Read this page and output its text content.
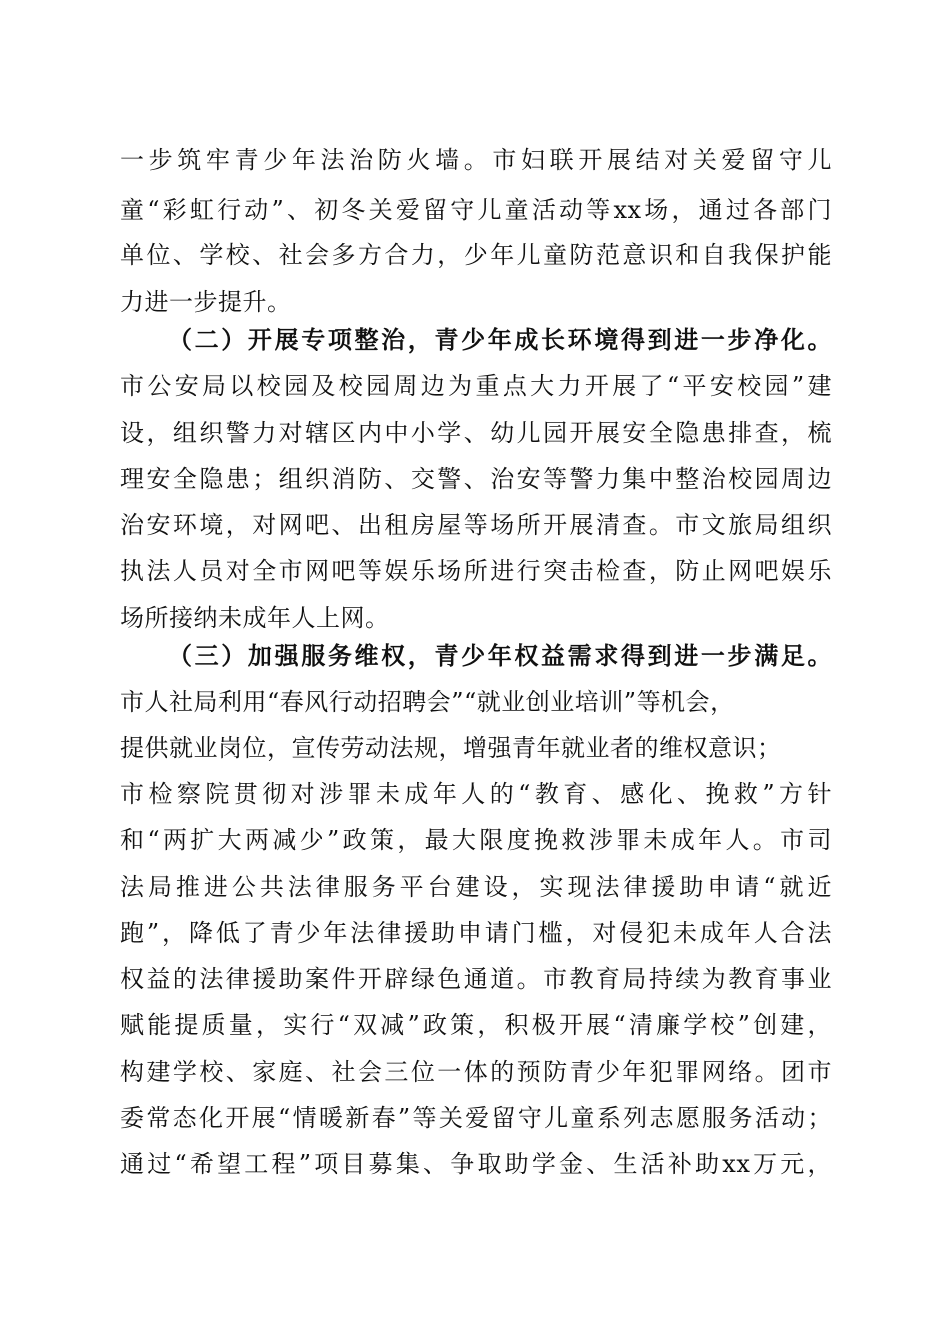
一步筑牢青少年法治防火墙。市妇联开展结对关爱留守儿
童“彩虹行动”、初冬关爱留守儿童活动等xx场，通过各部门
单位、学校、社会多方合力，少年儿童防范意识和自我保护能
力进一步提升。
（二）开展专项整治，青少年成长环境得到进一步净化。
市公安局以校园及校园周边为重点大力开展了“平安校园”建
设，组织警力对辖区内中小学、幼儿园开展安全隐患排查，梳
理安全隐患；组织消防、交警、治安等警力集中整治校园周边
治安环境，对网吧、出租房屋等场所开展清查。市文旅局组织
执法人员对全市网吧等娱乐场所进行突击检查，防止网吧娱乐
场所接纳未成年人上网。
（三）加强服务维权，青少年权益需求得到进一步满足。
市人社局利用“春风行动招聘会”“就业创业培训”等机会，
提供就业岗位，宣传劳动法规，增强青年就业者的维权意识；
市检察院贯彻对涉罪未成年人的“教育、感化、挽救”方针
和“两扩大两减少”政策，最大限度挽救涉罪未成年人。市司
法局推进公共法律服务平台建设，实现法律援助申请“就近
跑”，降低了青少年法律援助申请门槛，对侵犯未成年人合法
权益的法律援助案件开辟绿色通道。市教育局持续为教育事业
赋能提质量，实行“双减”政策，积极开展“清廉学校”创建，
构建学校、家庭、社会三位一体的预防青少年犯罪网络。团市
委常态化开展“情暖新春”等关爱留守儿童系列志愿服务活动；
通过“希望工程”项目募集、争取助学金、生活补助xx万元，
